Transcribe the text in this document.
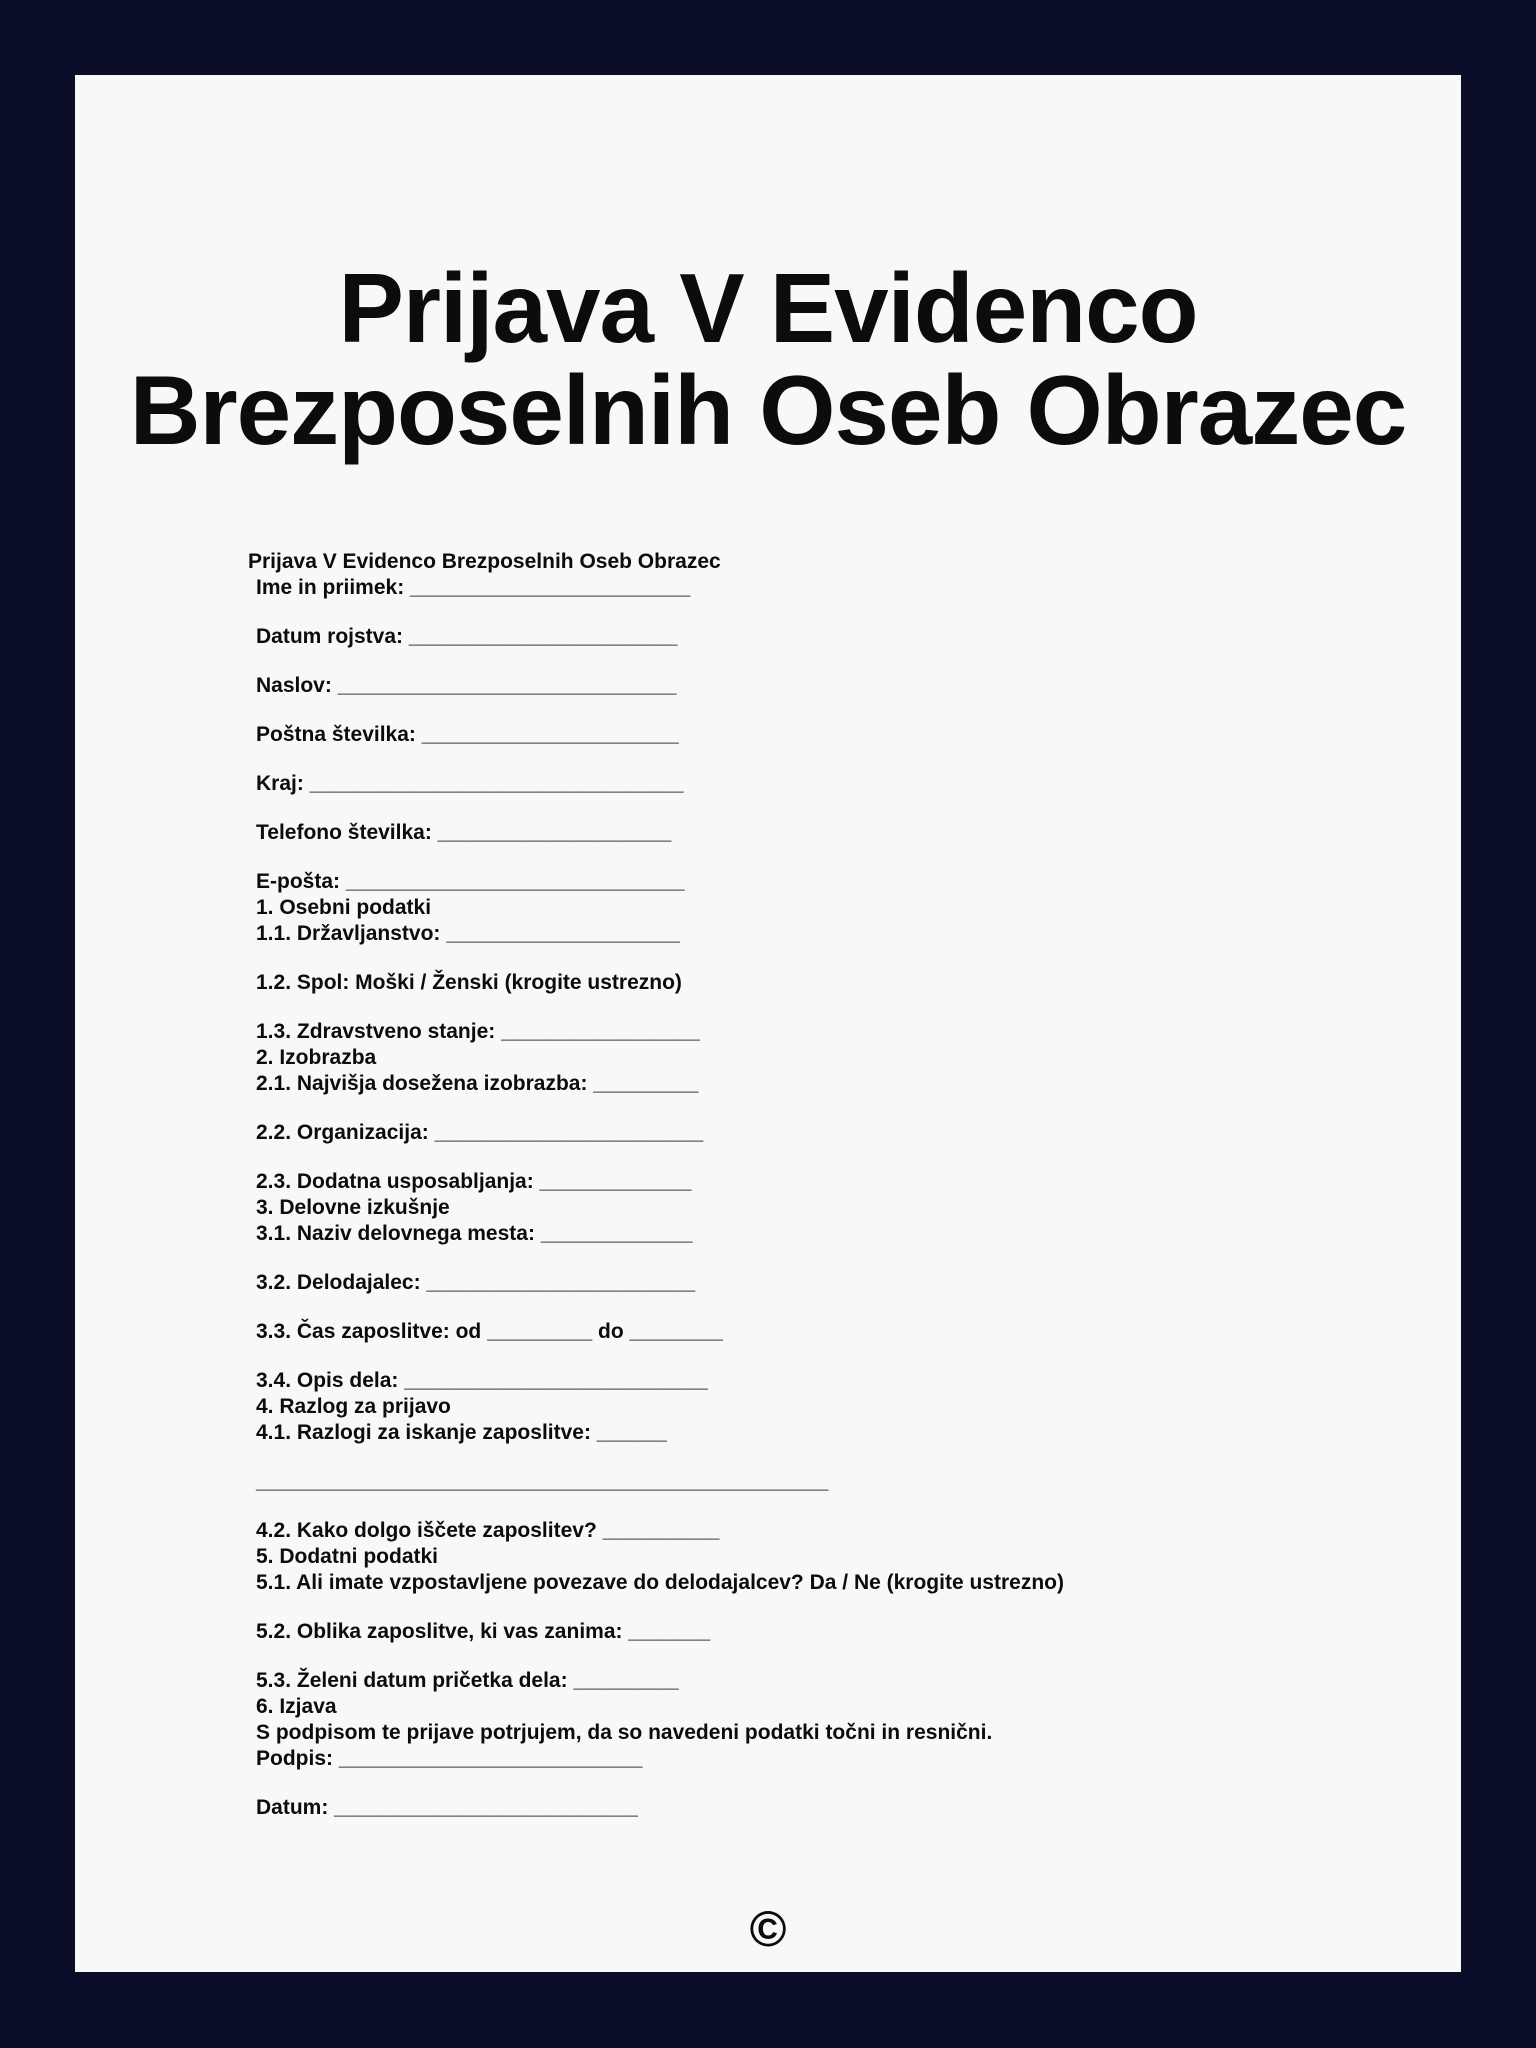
Prijava V Evidenco
Brezposelnih Oseb Obrazec
Prijava V Evidenco Brezposelnih Oseb Obrazec
Ime in priimek: ________________________
Datum rojstva: _______________________
Naslov: _____________________________
Poštna številka: ______________________
Kraj: ________________________________
Telefono številka: ____________________
E-pošta: _____________________________
1. Osebni podatki
1.1. Državljanstvo: ____________________
1.2. Spol: Moški / Ženski (krogite ustrezno)
1.3. Zdravstveno stanje: _________________
2. Izobrazba
2.1. Najvišja dosežena izobrazba: _________
2.2. Organizacija: _______________________
2.3. Dodatna usposabljanja: _____________
3. Delovne izkušnje
3.1. Naziv delovnega mesta: _____________
3.2. Delodajalec: _______________________
3.3. Čas zaposlitve: od _________ do ________
3.4. Opis dela: __________________________
4. Razlog za prijavo
4.1. Razlogi za iskanje zaposlitve: ______
_________________________________________________
4.2. Kako dolgo iščete zaposlitev? __________
5. Dodatni podatki
5.1. Ali imate vzpostavljene povezave do delodajalcev? Da / Ne (krogite ustrezno)
5.2. Oblika zaposlitve, ki vas zanima: _______
5.3. Želeni datum pričetka dela: _________
6. Izjava
S podpisom te prijave potrjujem, da so navedeni podatki točni in resnični.
Podpis: __________________________
Datum: __________________________
©
